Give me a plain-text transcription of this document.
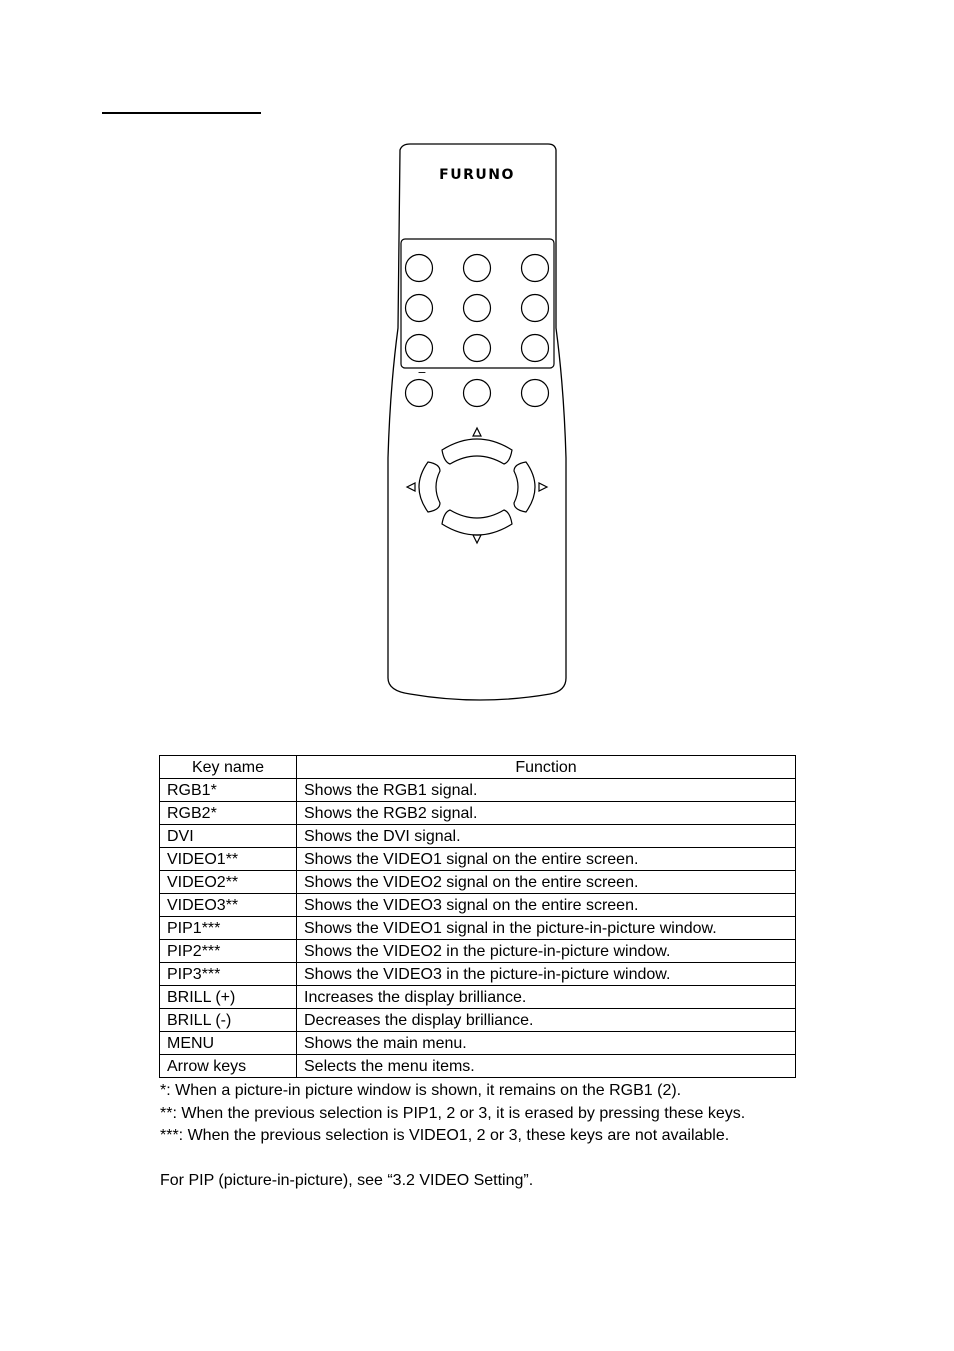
FURUNO
−
Key name	Function
RGB1*	Shows the RGB1 signal.
RGB2*	Shows the RGB2 signal.
DVI	Shows the DVI signal.
VIDEO1**	Shows the VIDEO1 signal on the entire screen.
VIDEO2**	Shows the VIDEO2 signal on the entire screen.
VIDEO3**	Shows the VIDEO3 signal on the entire screen.
PIP1***	Shows the VIDEO1 signal in the picture-in-picture window.
PIP2***	Shows the VIDEO2 in the picture-in-picture window.
PIP3***	Shows the VIDEO3 in the picture-in-picture window.
BRILL (+)	Increases the display brilliance.
BRILL (-)	Decreases the display brilliance.
MENU	Shows the main menu.
Arrow keys	Selects the menu items.

*: When a picture-in picture window is shown, it remains on the RGB1 (2).

**: When the previous selection is PIP1, 2 or 3, it is erased by pressing these keys.

***: When the previous selection is VIDEO1, 2 or 3, these keys are not available.

For PIP (picture-in-picture), see “3.2 VIDEO Setting”.
